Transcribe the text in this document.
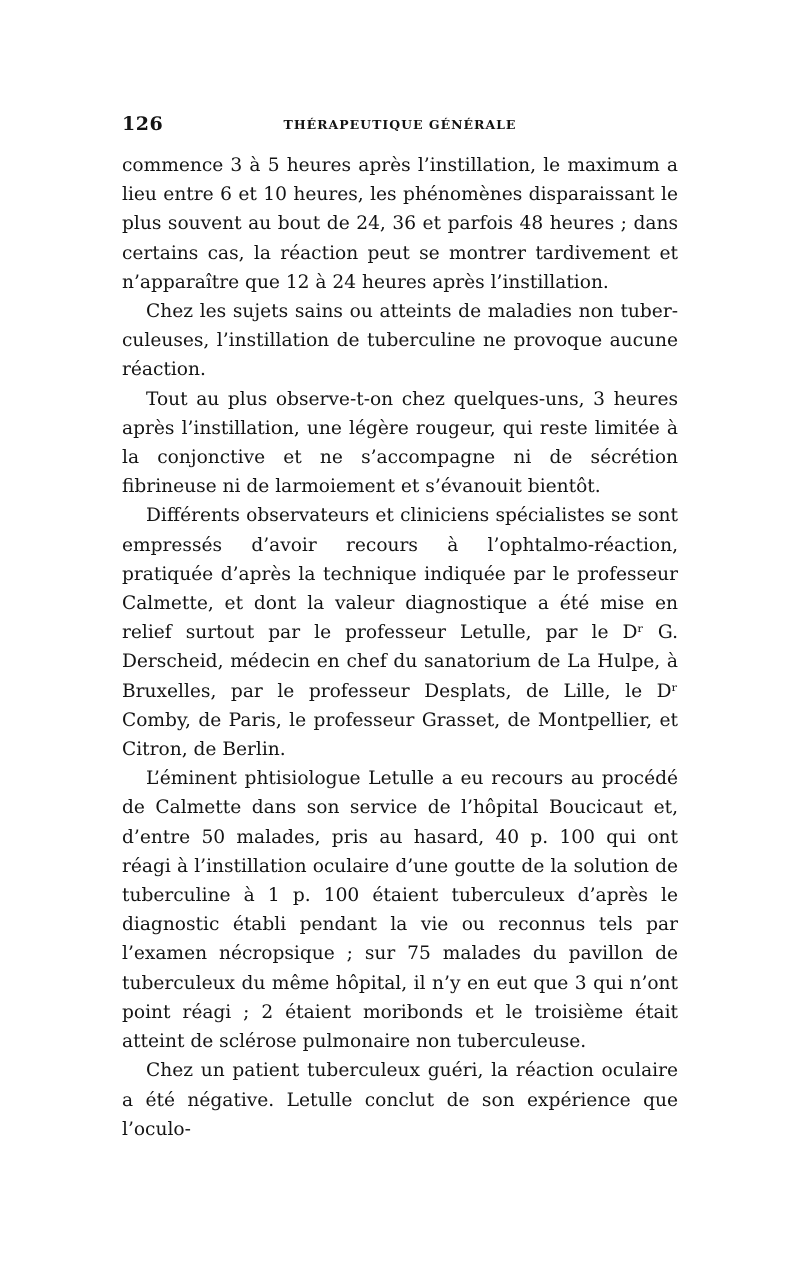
126	THÉRAPEUTIQUE GÉNÉRALE

commence 3 à 5 heures après l’instillation, le maximum a lieu entre 6 et 10 heures, les phénomènes disparaissant le plus souvent au bout de 24, 36 et parfois 48 heures ; dans certains cas, la réaction peut se montrer tardivement et n’apparaître que 12 à 24 heures après l’instillation.

Chez les sujets sains ou atteints de maladies non tuberculeuses, l’instillation de tuberculine ne provoque aucune réaction.

Tout au plus observe-t-on chez quelques-uns, 3 heures après l’instillation, une légère rougeur, qui reste limitée à la conjonctive et ne s’accompagne ni de sécrétion fibrineuse ni de larmoiement et s’évanouit bientôt.

Différents observateurs et cliniciens spécialistes se sont empressés d’avoir recours à l’ophtalmo-réaction, pratiquée d’après la technique indiquée par le professeur Calmette, et dont la valeur diagnostique a été mise en relief surtout par le professeur Letulle, par le Dʳ G. Derscheid, médecin en chef du sanatorium de La Hulpe, à Bruxelles, par le professeur Desplats, de Lille, le Dʳ Comby, de Paris, le professeur Grasset, de Montpellier, et Citron, de Berlin.

L’éminent phtisiologue Letulle a eu recours au procédé de Calmette dans son service de l’hôpital Boucicaut et, d’entre 50 malades, pris au hasard, 40 p. 100 qui ont réagi à l’instillation oculaire d’une goutte de la solution de tuberculine à 1 p. 100 étaient tuberculeux d’après le diagnostic établi pendant la vie ou reconnus tels par l’examen nécropsique ; sur 75 malades du pavillon de tuberculeux du même hôpital, il n’y en eut que 3 qui n’ont point réagi ; 2 étaient moribonds et le troisième était atteint de sclérose pulmonaire non tuberculeuse.

Chez un patient tuberculeux guéri, la réaction oculaire a été négative. Letulle conclut de son expérience que l’oculo-
